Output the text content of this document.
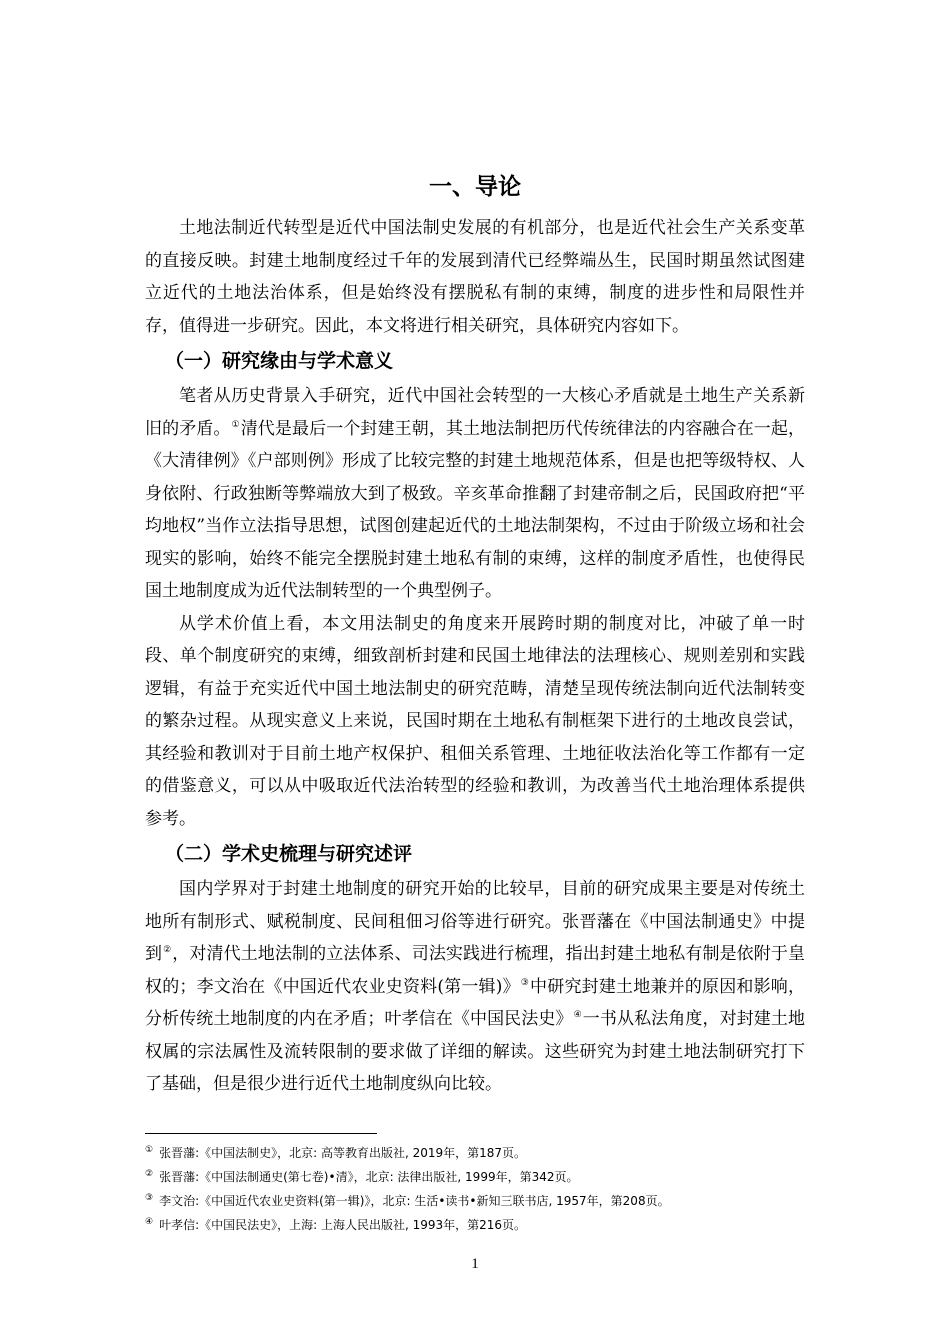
一、导论

土地法制近代转型是近代中国法制史发展的有机部分，也是近代社会生产关系变革的直接反映。封建土地制度经过千年的发展到清代已经弊端丛生，民国时期虽然试图建立近代的土地法治体系，但是始终没有摆脱私有制的束缚，制度的进步性和局限性并存，值得进一步研究。因此，本文将进行相关研究，具体研究内容如下。

（一）研究缘由与学术意义

笔者从历史背景入手研究，近代中国社会转型的一大核心矛盾就是土地生产关系新旧的矛盾。①清代是最后一个封建王朝，其土地法制把历代传统律法的内容融合在一起，《大清律例》《户部则例》形成了比较完整的封建土地规范体系，但是也把等级特权、人身依附、行政独断等弊端放大到了极致。辛亥革命推翻了封建帝制之后，民国政府把“平均地权”当作立法指导思想，试图创建起近代的土地法制架构，不过由于阶级立场和社会现实的影响，始终不能完全摆脱封建土地私有制的束缚，这样的制度矛盾性，也使得民国土地制度成为近代法制转型的一个典型例子。

从学术价值上看，本文用法制史的角度来开展跨时期的制度对比，冲破了单一时段、单个制度研究的束缚，细致剖析封建和民国土地律法的法理核心、规则差别和实践逻辑，有益于充实近代中国土地法制史的研究范畴，清楚呈现传统法制向近代法制转变的繁杂过程。从现实意义上来说，民国时期在土地私有制框架下进行的土地改良尝试，其经验和教训对于目前土地产权保护、租佃关系管理、土地征收法治化等工作都有一定的借鉴意义，可以从中吸取近代法治转型的经验和教训，为改善当代土地治理体系提供参考。

（二）学术史梳理与研究述评

国内学界对于封建土地制度的研究开始的比较早，目前的研究成果主要是对传统土地所有制形式、赋税制度、民间租佃习俗等进行研究。张晋藩在《中国法制通史》中提到②，对清代土地法制的立法体系、司法实践进行梳理，指出封建土地私有制是依附于皇权的；李文治在《中国近代农业史资料(第一辑)》③中研究封建土地兼并的原因和影响，分析传统土地制度的内在矛盾；叶孝信在《中国民法史》④一书从私法角度，对封建土地权属的宗法属性及流转限制的要求做了详细的解读。这些研究为封建土地法制研究打下了基础，但是很少进行近代土地制度纵向比较。

① 张晋藩:《中国法制史》，北京: 高等教育出版社, 2019年，第187页。

② 张晋藩:《中国法制通史(第七卷)•清》，北京: 法律出版社, 1999年，第342页。

③ 李文治:《中国近代农业史资料(第一辑)》，北京: 生活•读书•新知三联书店, 1957年，第208页。

④ 叶孝信:《中国民法史》，上海: 上海人民出版社, 1993年，第216页。

1
